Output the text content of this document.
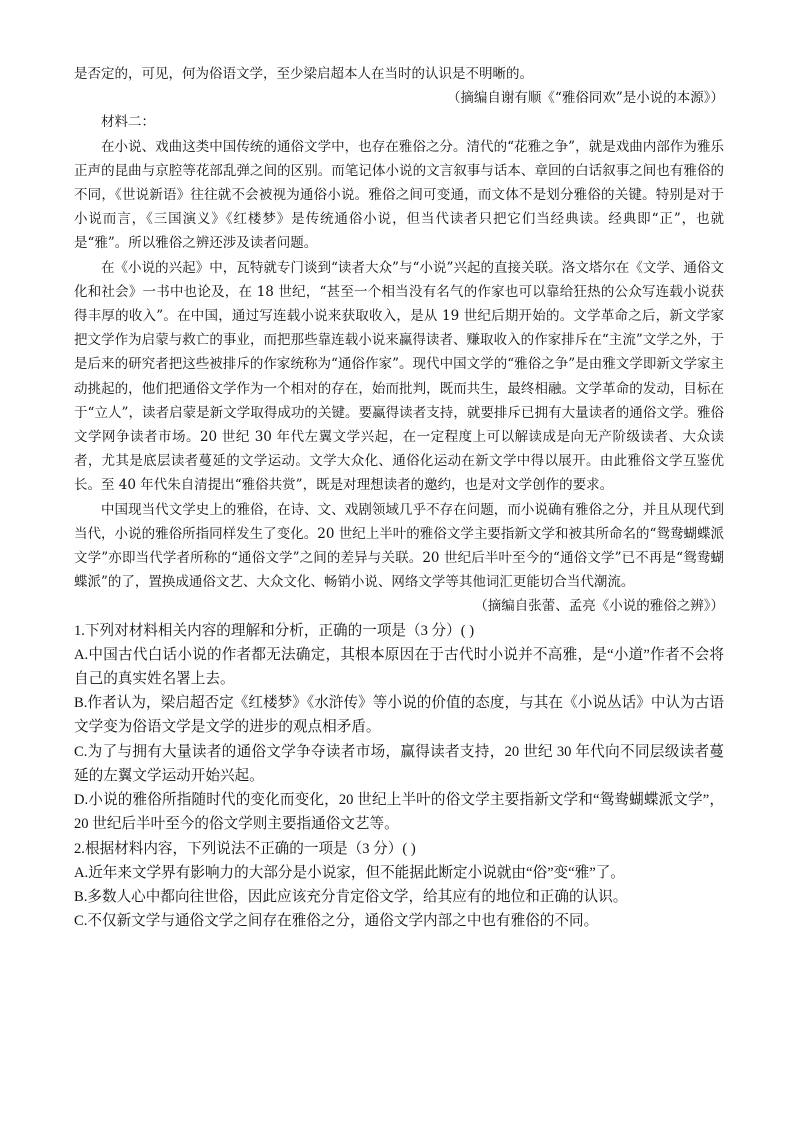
是否定的，可见，何为俗语文学，至少梁启超本人在当时的认识是不明晰的。
（摘编自谢有顺《“雅俗同欢”是小说的本源》）
材料二：

在小说、戏曲这类中国传统的通俗文学中，也存在雅俗之分。清代的“花雅之争”，就是戏曲内部作为雅乐正声的昆曲与京腔等花部乱弹之间的区别。而笔记体小说的文言叙事与话本、章回的白话叙事之间也有雅俗的不同，《世说新语》往往就不会被视为通俗小说。雅俗之间可变通，而文体不是划分雅俗的关键。特别是对于小说而言，《三国演义》《红楼梦》是传统通俗小说，但当代读者只把它们当经典读。经典即“正”，也就是“雅”。所以雅俗之辨还涉及读者问题。

在《小说的兴起》中，瓦特就专门谈到“读者大众”与“小说”兴起的直接关联。洛文塔尔在《文学、通俗文化和社会》一书中也论及，在 18 世纪，“甚至一个相当没有名气的作家也可以靠给狂热的公众写连载小说获得丰厚的收入”。在中国，通过写连载小说来获取收入，是从 19 世纪后期开始的。文学革命之后，新文学家把文学作为启蒙与救亡的事业，而把那些靠连载小说来赢得读者、赚取收入的作家排斥在“主流”文学之外，于是后来的研究者把这些被排斥的作家统称为“通俗作家”。现代中国文学的“雅俗之争”是由雅文学即新文学家主动挑起的，他们把通俗文学作为一个相对的存在，始而批判，既而共生，最终相融。文学革命的发动，目标在于“立人”，读者启蒙是新文学取得成功的关键。要赢得读者支持，就要排斥已拥有大量读者的通俗文学。雅俗文学网争读者市场。20 世纪 30 年代左翼文学兴起，在一定程度上可以解读成是向无产阶级读者、大众读者，尤其是底层读者蔓延的文学运动。文学大众化、通俗化运动在新文学中得以展开。由此雅俗文学互鉴优长。至 40 年代朱自清提出“雅俗共赏”，既是对理想读者的邀约，也是对文学创作的要求。

中国现当代文学史上的雅俗，在诗、文、戏剧领域几乎不存在问题，而小说确有雅俗之分，并且从现代到当代，小说的雅俗所指同样发生了变化。20 世纪上半叶的雅俗文学主要指新文学和被其所命名的“鸳鸯蝴蝶派文学”亦即当代学者所称的“通俗文学”之间的差异与关联。20 世纪后半叶至今的“通俗文学”已不再是“鸳鸯蝴蝶派”的了，置换成通俗文艺、大众文化、畅销小说、网络文学等其他词汇更能切合当代潮流。

（摘编自张蕾、孟亮《小说的雅俗之辨》）

1.下列对材料相关内容的理解和分析，正确的一项是（3 分）( )

A.中国古代白话小说的作者都无法确定，其根本原因在于古代时小说并不高雅，是“小道”作者不会将自己的真实姓名署上去。

B.作者认为，梁启超否定《红楼梦》《水浒传》等小说的价值的态度，与其在《小说丛话》中认为古语文学变为俗语文学是文学的进步的观点相矛盾。

C.为了与拥有大量读者的通俗文学争夺读者市场，赢得读者支持，20 世纪 30 年代向不同层级读者蔓延的左翼文学运动开始兴起。

D.小说的雅俗所指随时代的变化而变化，20 世纪上半叶的俗文学主要指新文学和“鸳鸯蝴蝶派文学”，20 世纪后半叶至今的俗文学则主要指通俗文艺等。

2.根据材料内容，下列说法不正确的一项是（3 分）( )

A.近年来文学界有影响力的大部分是小说家，但不能据此断定小说就由“俗”变“雅”了。

B.多数人心中都向往世俗，因此应该充分肯定俗文学，给其应有的地位和正确的认识。

C.不仅新文学与通俗文学之间存在雅俗之分，通俗文学内部之中也有雅俗的不同。
